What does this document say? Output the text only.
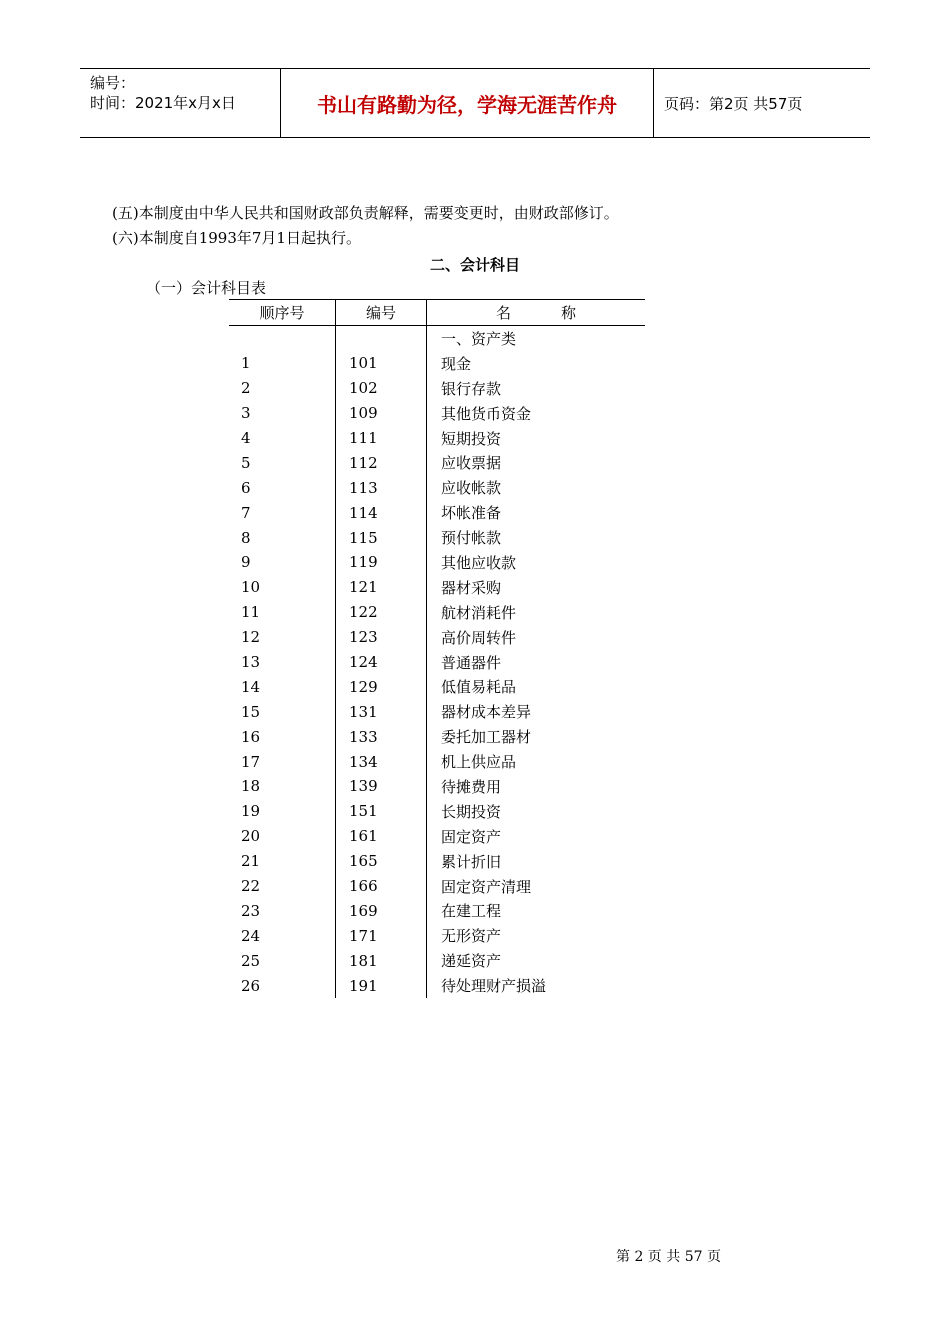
编号：
时间：2021年x月x日	书山有路勤为径，学海无涯苦作舟	页码：第2页 共57页
(五)本制度由中华人民共和国财政部负责解释，需要变更时，由财政部修订。
(六)本制度自1993年7月1日起执行。
二、会计科目
（一）会计科目表
顺序号	编号	名 称
		一、资产类
1	101	现金
2	102	银行存款
3	109	其他货币资金
4	111	短期投资
5	112	应收票据
6	113	应收帐款
7	114	坏帐准备
8	115	预付帐款
9	119	其他应收款
10	121	器材采购
11	122	航材消耗件
12	123	高价周转件
13	124	普通器件
14	129	低值易耗品
15	131	器材成本差异
16	133	委托加工器材
17	134	机上供应品
18	139	待摊费用
19	151	长期投资
20	161	固定资产
21	165	累计折旧
22	166	固定资产清理
23	169	在建工程
24	171	无形资产
25	181	递延资产
26	191	待处理财产损溢
第 2 页 共 57 页
